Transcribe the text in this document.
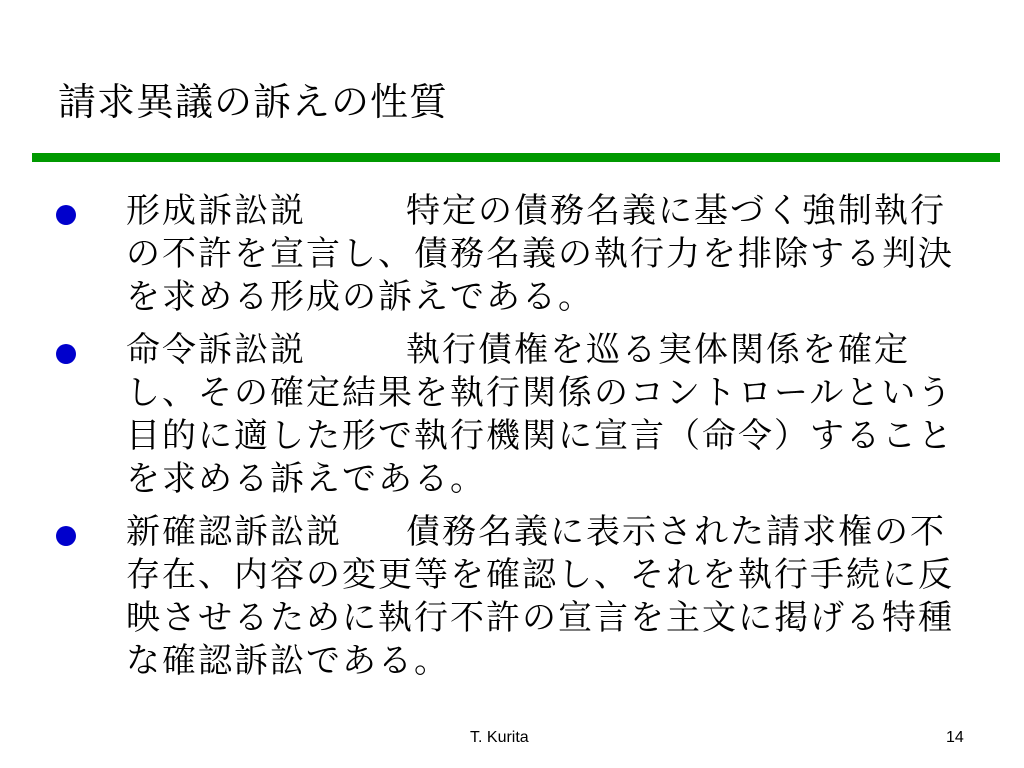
請求異議の訴えの性質
形成訴訟説	特定の債務名義に基づく強制執行の不許を宣言し、債務名義の執行力を排除する判決を求める形成の訴えである。
命令訴訟説	執行債権を巡る実体関係を確定し、その確定結果を執行関係のコントロールという目的に適した形で執行機関に宣言（命令）することを求める訴えである。
新確認訴訟説 債務名義に表示された請求権の不存在、内容の変更等を確認し、それを執行手続に反映させるために執行不許の宣言を主文に掲げる特種な確認訴訟である。
T. Kurita	14
